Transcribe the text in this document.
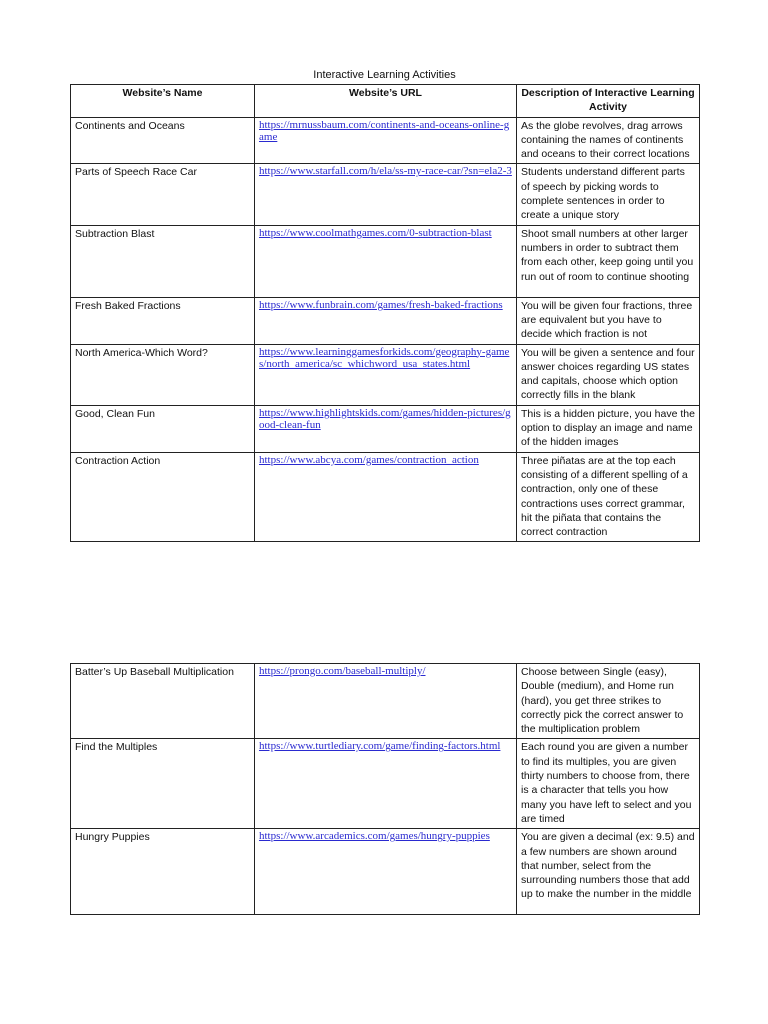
Interactive Learning Activities
Website’s Name	Website’s URL	Description of Interactive Learning Activity
Continents and Oceans	https://mrnussbaum.com/continents-and-oceans-online-game	As the globe revolves, drag arrows containing the names of continents and oceans to their correct locations
Parts of Speech Race Car	https://www.starfall.com/h/ela/ss-my-race-car/?sn=ela2-3	Students understand different parts of speech by picking words to complete sentences in order to create a unique story
Subtraction Blast	https://www.coolmathgames.com/0-subtraction-blast	Shoot small numbers at other larger numbers in order to subtract them from each other, keep going until you run out of room to continue shooting
Fresh Baked Fractions	https://www.funbrain.com/games/fresh-baked-fractions	You will be given four fractions, three are equivalent but you have to decide which fraction is not
North America-Which Word?	https://www.learninggamesforkids.com/geography-games/north_america/sc_whichword_usa_states.html	You will be given a sentence and four answer choices regarding US states and capitals, choose which option correctly fills in the blank
Good, Clean Fun	https://www.highlightskids.com/games/hidden-pictures/good-clean-fun	This is a hidden picture, you have the option to display an image and name of the hidden images
Contraction Action	https://www.abcya.com/games/contraction_action	Three piñatas are at the top each consisting of a different spelling of a contraction, only one of these contractions uses correct grammar, hit the piñata that contains the correct contraction
Batter’s Up Baseball Multiplication	https://prongo.com/baseball-multiply/	Choose between Single (easy), Double (medium), and Home run (hard), you get three strikes to correctly pick the correct answer to the multiplication problem
Find the Multiples	https://www.turtlediary.com/game/finding-factors.html	Each round you are given a number to find its multiples, you are given thirty numbers to choose from, there is a character that tells you how many you have left to select and you are timed
Hungry Puppies	https://www.arcademics.com/games/hungry-puppies	You are given a decimal (ex: 9.5) and a few numbers are shown around that number, select from the surrounding numbers those that add up to make the number in the middle
